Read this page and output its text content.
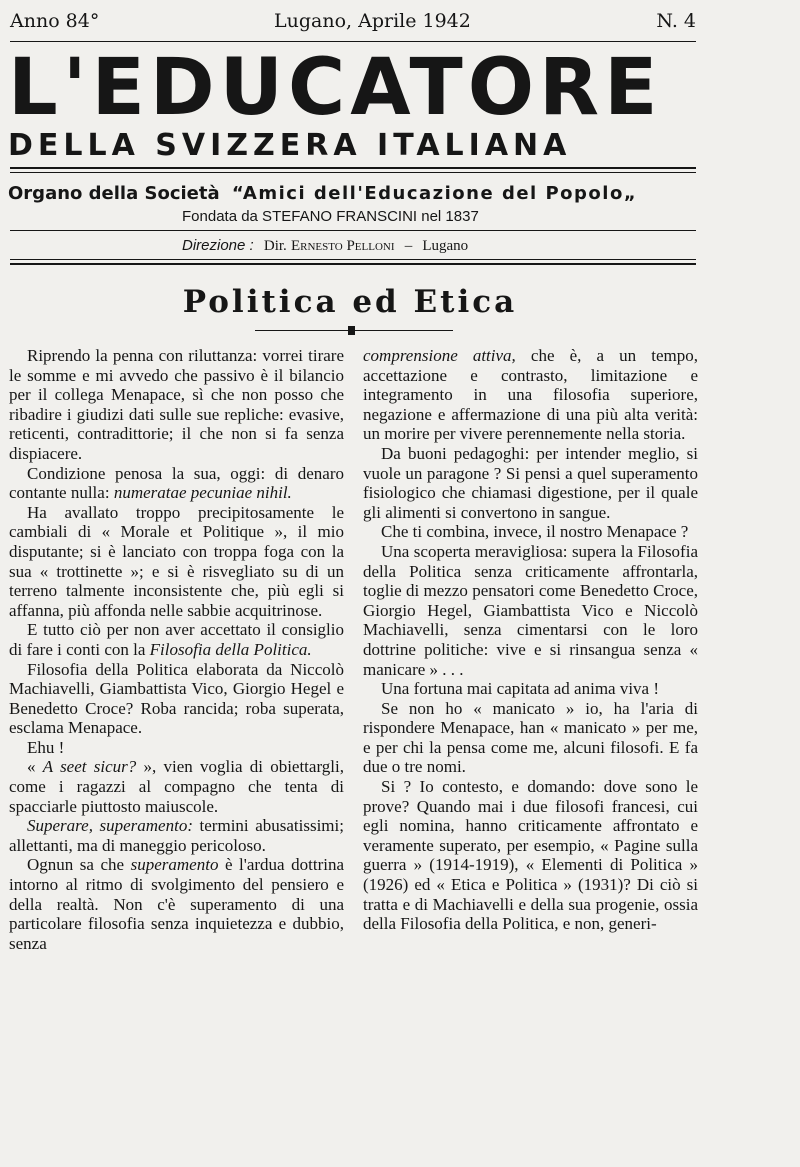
Anno 84°	Lugano, Aprile 1942	N. 4
L'EDUCATORE
DELLA SVIZZERA ITALIANA
Organo della Società “Amici dell'Educazione del Popolo„
Fondata da STEFANO FRANSCINI nel 1837
Direzione : Dir. Ernesto Pelloni – Lugano
Politica ed Etica

Riprendo la penna con riluttanza: vorrei tirare le somme e mi avvedo che passivo è il bilancio per il collega Menapace, sì che non posso che ribadire i giudizi dati sulle sue repliche: evasive, reticenti, contradittorie; il che non si fa senza dispiacere.

Condizione penosa la sua, oggi: di denaro contante nulla: numeratae pecuniae nihil.

Ha avallato troppo precipitosamente le cambiali di « Morale et Politique », il mio disputante; si è lanciato con troppa foga con la sua « trottinette »; e si è risvegliato su di un terreno talmente inconsistente che, più egli si affanna, più affonda nelle sabbie acquitrinose.

E tutto ciò per non aver accettato il consiglio di fare i conti con la Filosofia della Politica.

Filosofia della Politica elaborata da Niccolò Machiavelli, Giambattista Vico, Giorgio Hegel e Benedetto Croce? Roba rancida; roba superata, esclama Menapace.

Ehu !

« A seet sicur? », vien voglia di obiettargli, come i ragazzi al compagno che tenta di spacciarle piuttosto maiuscole.

Superare, superamento: termini abusatissimi; allettanti, ma di maneggio pericoloso.

Ognun sa che superamento è l'ardua dottrina intorno al ritmo di svolgimento del pensiero e della realtà. Non c'è superamento di una particolare filosofia senza inquietezza e dubbio, senza

comprensione attiva, che è, a un tempo, accettazione e contrasto, limitazione e integramento in una filosofia superiore, negazione e affermazione di una più alta verità: un morire per vivere perennemente nella storia.

Da buoni pedagoghi: per intender meglio, si vuole un paragone ? Si pensi a quel superamento fisiologico che chiamasi digestione, per il quale gli alimenti si convertono in sangue.

Che ti combina, invece, il nostro Menapace ?

Una scoperta meravigliosa: supera la Filosofia della Politica senza criticamente affrontarla, toglie di mezzo pensatori come Benedetto Croce, Giorgio Hegel, Giambattista Vico e Niccolò Machiavelli, senza cimentarsi con le loro dottrine politiche: vive e si rinsangua senza « manicare » . . .

Una fortuna mai capitata ad anima viva !

Se non ho « manicato » io, ha l'aria di rispondere Menapace, han « manicato » per me, e per chi la pensa come me, alcuni filosofi. E fa due o tre nomi.

Si ? Io contesto, e domando: dove sono le prove? Quando mai i due filosofi francesi, cui egli nomina, hanno criticamente affrontato e veramente superato, per esempio, « Pagine sulla guerra » (1914-1919), « Elementi di Politica » (1926) ed « Etica e Politica » (1931)? Di ciò si tratta e di Machiavelli e della sua progenie, ossia della Filosofia della Politica, e non, generi-
